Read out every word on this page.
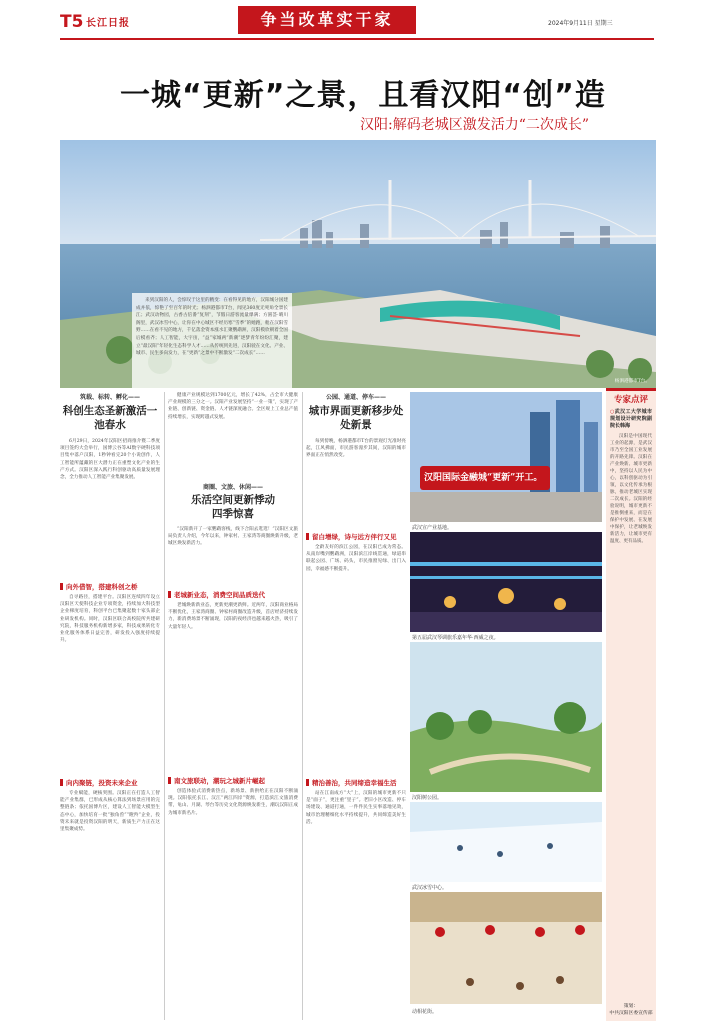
T5 长江日报	争当改革实干家	2024年9月11日 星期三
一城“更新”之景，且看汉阳“创”造
汉阳:解码老城区激发活力“二次成长”
来到汉阳的人，会惊叹于这里的精变：在看得见的地方，汉阳城分国建成并依，惊艳了至百年的时光；杨泗港都市T台，闻见360度无死角全景长江；武汉动物园，古香古倍番“复刻”，节假日游客流量爆满；方圆荟·晴川阁里，武汉冰雪中心，让你在中心城区不经历寒“雪季”的她跑，舱在汉阳雪野……在看不见的地方，千亿落金资本涨水汇聚鹦鹉洲，汉阳模欣朝着全国后模看齐；人工智能，大宇宙，“益”家城两“新潮”逐梦青年纷纷汇聚，建立“最汉阳”年轻化生态科学人才……从传统到先进，汉阳驶在文化、产业、城市、民生多向发力，在“更新”之景中不断激发“二次成长”……
杨泗港都市T台。
筑载、标转、孵化——
科创生态圣新激活一池春水
6月29日，2024年汉阳区招商推介暨二季度项目签约大会举行，国博云谷等AI数字硬科技项目集中落户汉阳，1秒钟看完20个小说创作，人工智能所蕴藏的巨大潜力正在重塑文化产业的生产方式。汉阳区深入践行科创驱动高质量发展理念，全力推动人工智能产业集聚发展。
向外借智，搭建科创之桥
自寻路径，搭建平台。汉阳区连续四年设立汉阳区天使科技企业专项资金，持续加大科技型企业梯度培育，科创平台已集聚起数十家头部企业研发机构。同时，汉阳区联合高校院所共建研究院，科技服务机构新增多家，科技成果转化专业化服务体系日益完善，研发投入强度持续提升。
向内聚链，投资未来企业
专业赋能，硬核突围。汉阳正在打造人工智能产业集群，已形成从核心算法到场景应用的完整链条；依托国博片区，建设人工智能大模型生态中心，加快培育一批“独角兽”“瞪羚”企业，投资未来就是投资汉阳的明天，新质生产力正在这里集聚成势。
健康产业规模达到1700亿元，增长了42%，占全市大健康产业规模的三分之一。汉阳产业发展坚持“一业一策”，实现了产业链、创新链、资金链、人才链深度融合。全区规上工业总产值持续增长，实现跨越式发展。
商圈、文旅、休闲——
乐活空间更新悸动四季惊喜
“汉阳新开了一家鹦鹉客栈，线下合阳去逛逛！”汉阳区文旅局负责人介绍，今年以来，钟家村、王家湾等商圈焕新升级，老城区焕发新活力。
老城新业态，消费空间品质迭代
老城焕新新业态，更新更潮更新鲜。近两年，汉阳商业格局不断优化，王家湾商圈、钟家村商圈改造升级，首店经济持续发力，新消费场景不断涌现，汉阳的夜经济也越来越火热，吸引了大量年轻人。
南文旅联动，潮玩之城新片崛起
创造体验式消费新热点，新场景、新供给正在汉阳不断涌现。汉阳依托长江、汉江“两江四岸”资源，打造滨江文旅消费带，龟山、月湖、琴台等历史文化资源焕发新生，潮玩汉阳正成为城市新名片。
公园、通道、停车——
城市界面更新移步处处新景
每到傍晚，杨泗港都市T台的景观灯光准时亮起，江风拂面，市民游客漫步其间，汉阳的城市界面正在悄然改变。
留白增绿，诗与远方伴行又见
全龄友好的滨江公园，在汉阳已成为常态。从南岸嘴到鹦鹉洲，汉阳滨江岸线贯通，绿道串联起公园、广场、码头，市民推窗见绿、出门入园，幸福感不断提升。
精治善治，共同缔造幸福生活
站在江南成方“大”上，汉阳的城市更新不只是“面子”，更注重“里子”。老旧小区改造、停车场建设、通道打通，一件件民生实事落地见效，城市治理精细化水平持续提升，共同缔造美好生活。
汉阳国际金融城“更新”开工。
武汉宣产业基地。
第五届武汉琴调旅乐嘉年华·西威之夜。
汉阳树公园。
武汉冰雪中心。
动相花街。
专家点评
○武汉工大学城市规划设计研究院副院长韩海
汉阳是中国现代工业的起源，是武汉市乃至全国工业发展的开路先锋。汉阳在产业焕新、城市更新中，坚持以人民为中心，以科创驱动为引领，以文化传承为根脉，推动老城区实现二次成长。汉阳的经验说明，城市更新不是推倒重来，而是在保护中发展、在发展中保护，让老城焕发新活力，让城市更有温度、更有品质。
策划：
中共汉阳区委宣传部
